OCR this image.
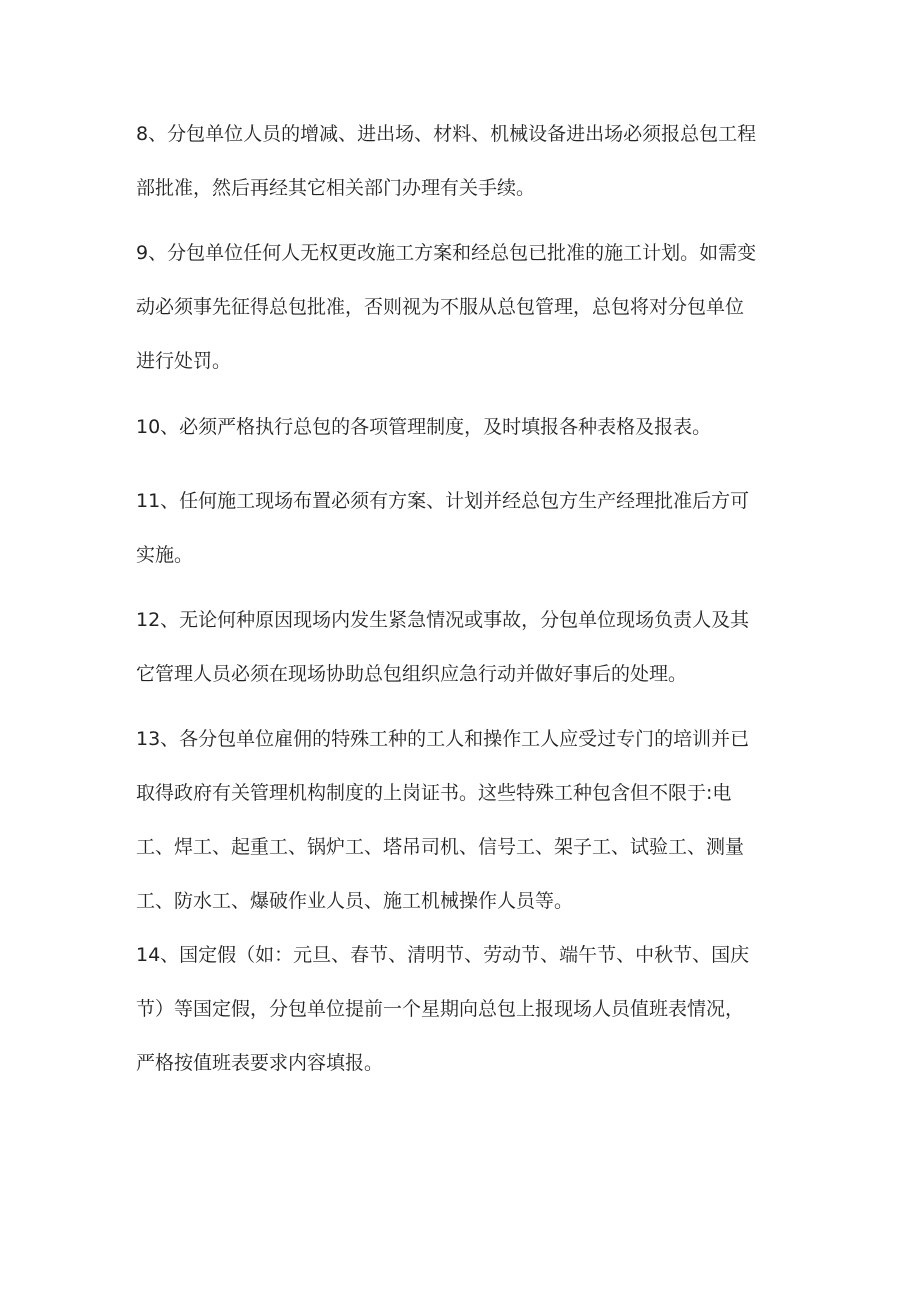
8、分包单位人员的增减、进出场、材料、机械设备进出场必须报总包工程
部批准，然后再经其它相关部门办理有关手续。

9、分包单位任何人无权更改施工方案和经总包已批准的施工计划。如需变
动必须事先征得总包批准，否则视为不服从总包管理，总包将对分包单位
进行处罚。

10、必须严格执行总包的各项管理制度，及时填报各种表格及报表。

11、任何施工现场布置必须有方案、计划并经总包方生产经理批准后方可
实施。

12、无论何种原因现场内发生紧急情况或事故，分包单位现场负责人及其
它管理人员必须在现场协助总包组织应急行动并做好事后的处理。

13、各分包单位雇佣的特殊工种的工人和操作工人应受过专门的培训并已
取得政府有关管理机构制度的上岗证书。这些特殊工种包含但不限于:电
工、焊工、起重工、锅炉工、塔吊司机、信号工、架子工、试验工、测量
工、防水工、爆破作业人员、施工机械操作人员等。

14、国定假（如：元旦、春节、清明节、劳动节、端午节、中秋节、国庆
节）等国定假，分包单位提前一个星期向总包上报现场人员值班表情况，
严格按值班表要求内容填报。
